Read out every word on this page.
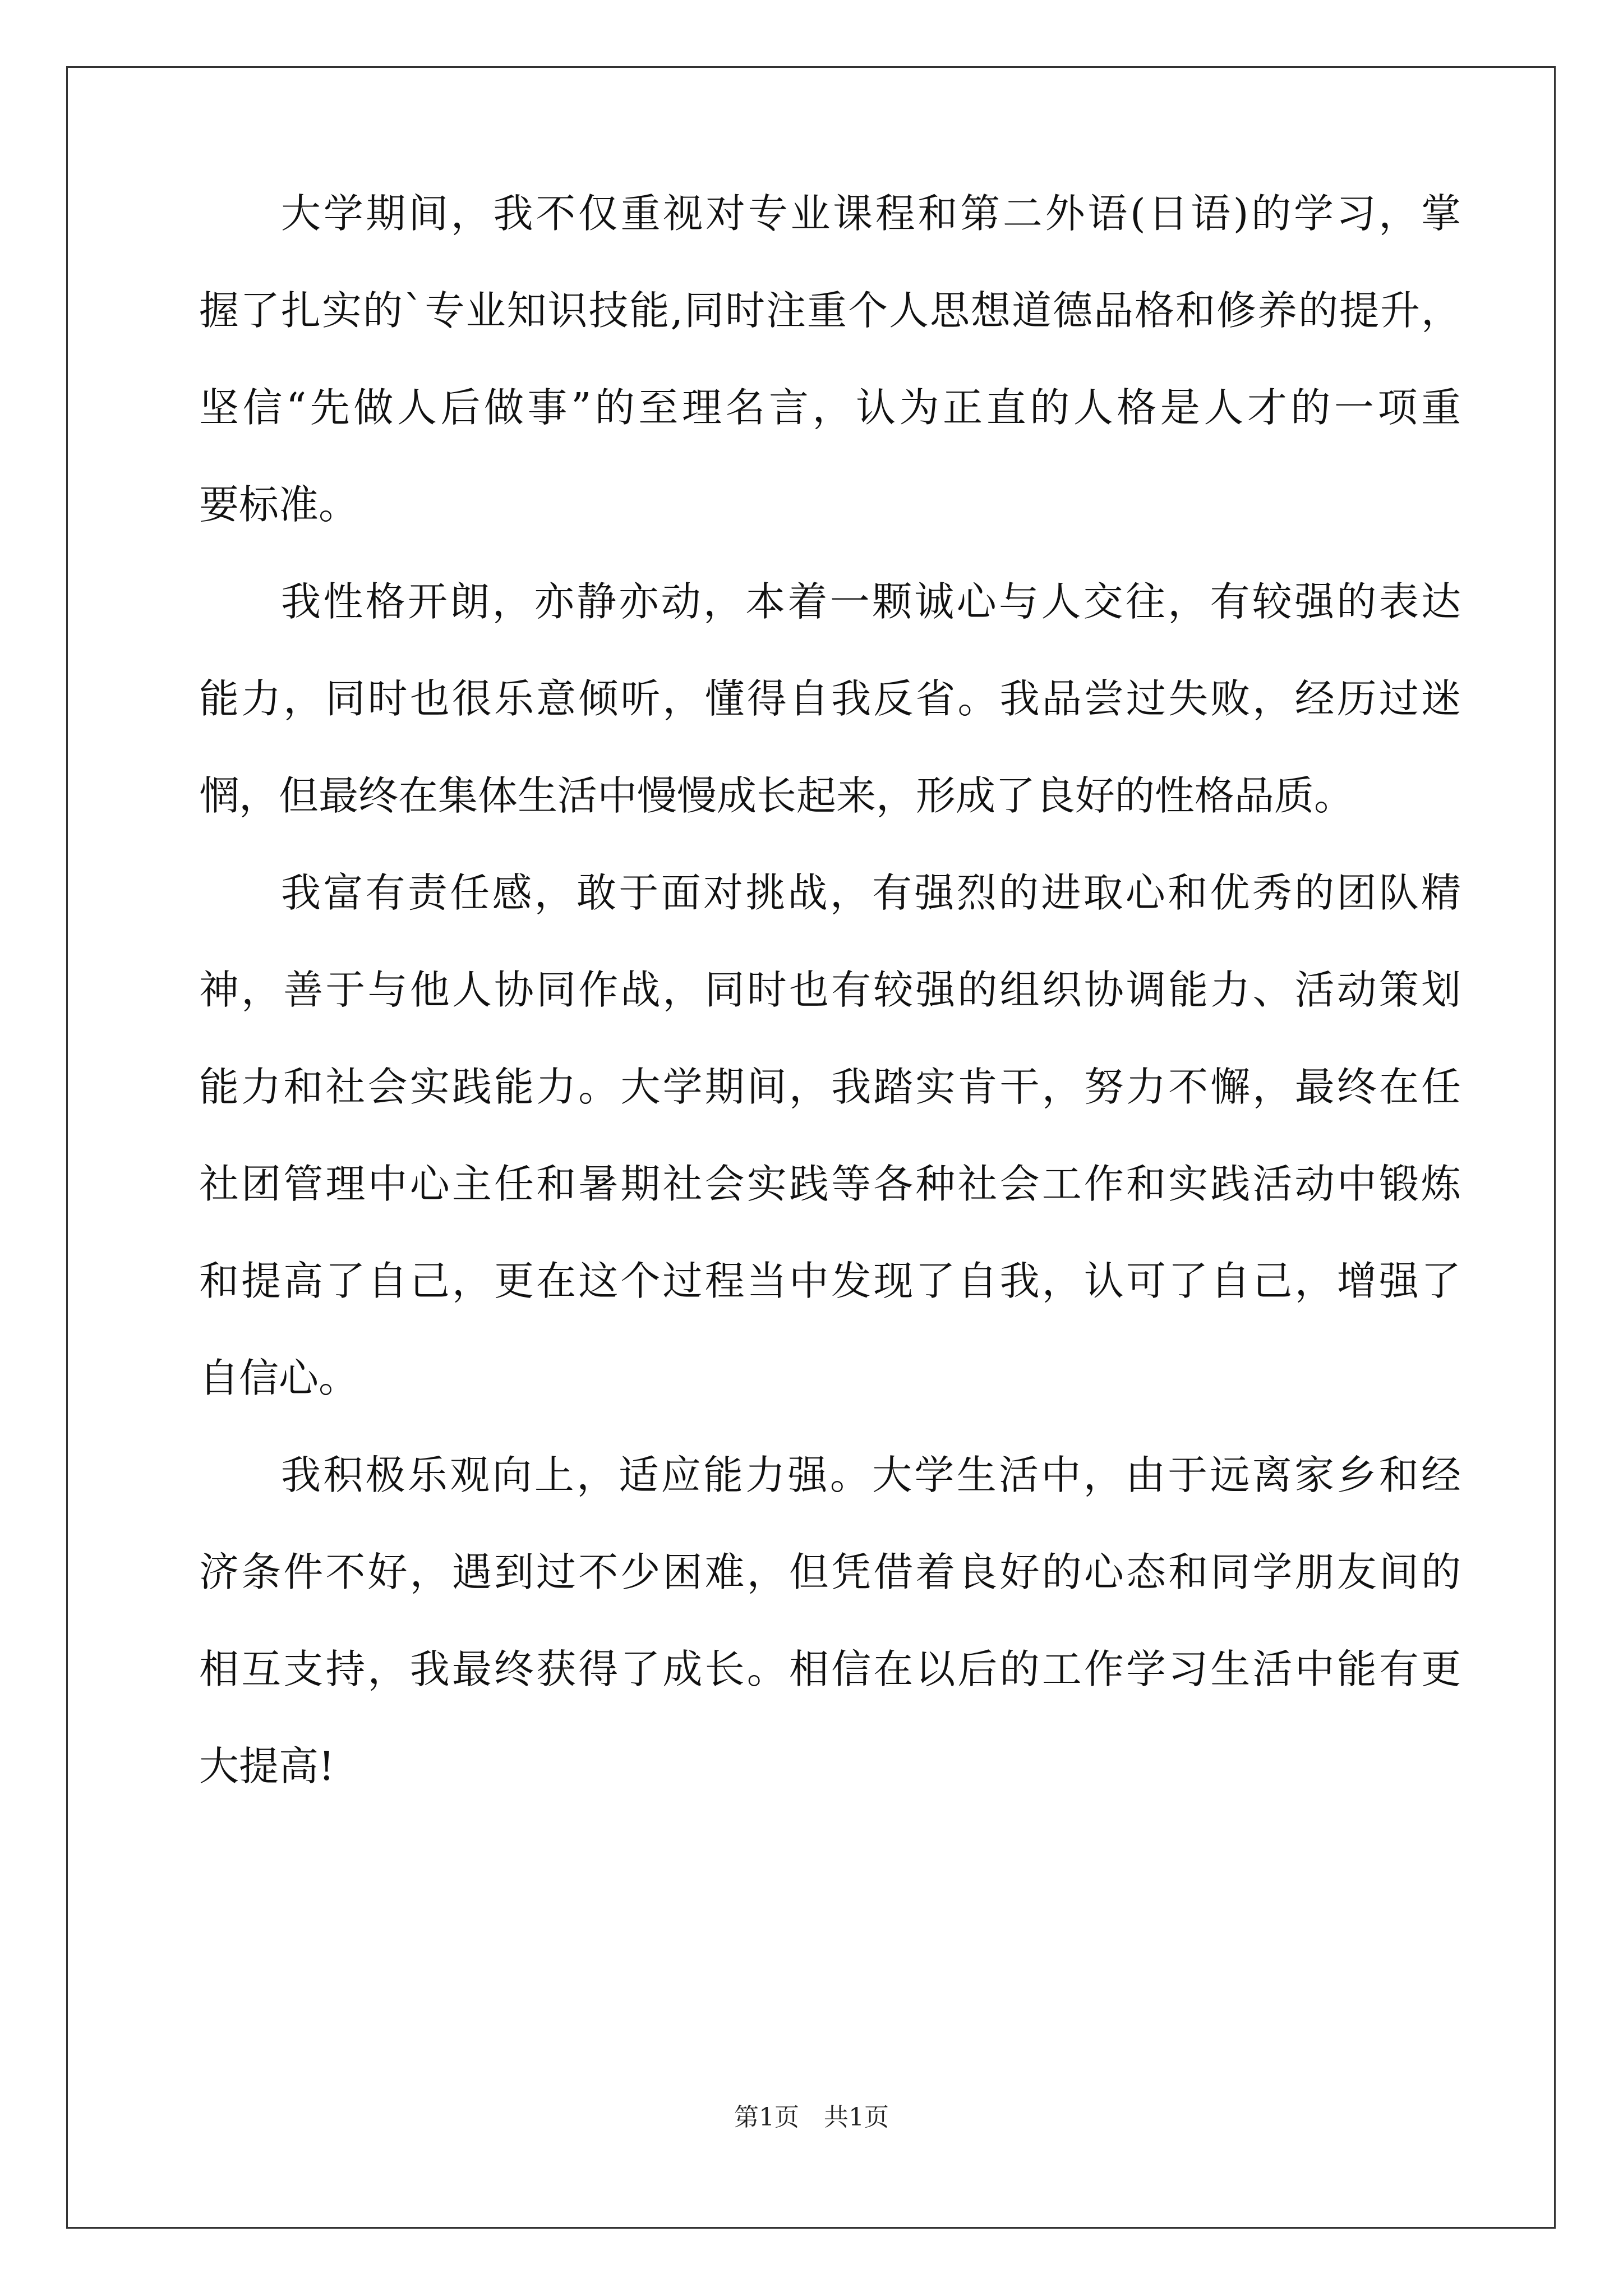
大学期间，我不仅重视对专业课程和第二外语(日语)的学习，掌
握了扎实的`专业知识技能,同时注重个人思想道德品格和修养的提升，
坚信“先做人后做事”的至理名言，认为正直的人格是人才的一项重
要标准。
我性格开朗，亦静亦动，本着一颗诚心与人交往，有较强的表达
能力，同时也很乐意倾听，懂得自我反省。我品尝过失败，经历过迷
惘，但最终在集体生活中慢慢成长起来，形成了良好的性格品质。
我富有责任感，敢于面对挑战，有强烈的进取心和优秀的团队精
神，善于与他人协同作战，同时也有较强的组织协调能力、活动策划
能力和社会实践能力。大学期间，我踏实肯干，努力不懈，最终在任
社团管理中心主任和暑期社会实践等各种社会工作和实践活动中锻炼
和提高了自己，更在这个过程当中发现了自我，认可了自己，增强了
自信心。
我积极乐观向上，适应能力强。大学生活中，由于远离家乡和经
济条件不好，遇到过不少困难，但凭借着良好的心态和同学朋友间的
相互支持，我最终获得了成长。相信在以后的工作学习生活中能有更
大提高!
第1页　共1页
